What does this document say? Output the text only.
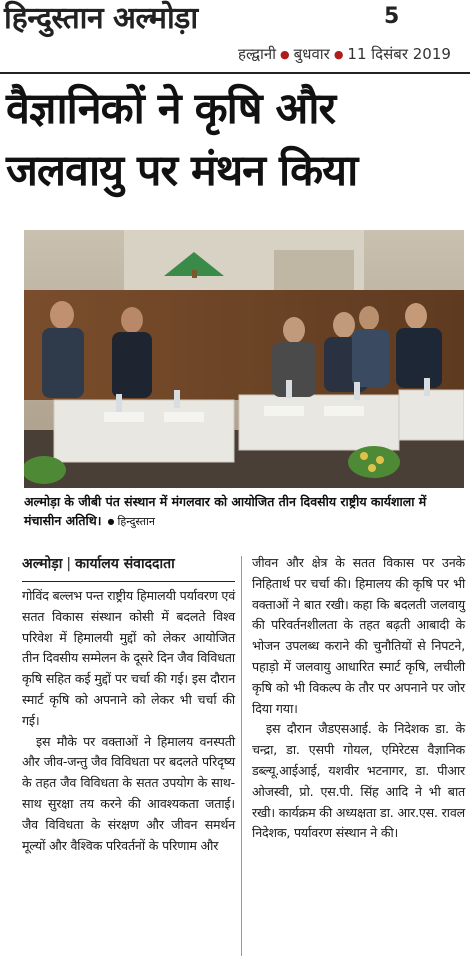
हिन्दुस्तान अल्मोड़ा	5
हल्द्वानी ● बुधवार ● 11 दिसंबर 2019
वैज्ञानिकों ने कृषि और
जलवायु पर मंथन किया
अल्मोड़ा के जीबी पंत संस्थान में मंगलवार को आयोजित तीन दिवसीय राष्ट्रीय कार्यशाला में मंचासीन अतिथि।● हिन्दुस्तान
अल्मोड़ा | कार्यालय संवाददाता

गोविंद बल्लभ पन्त राष्ट्रीय हिमालयी पर्यावरण एवं सतत विकास संस्थान कोसी में बदलते विश्व परिवेश में हिमालयी मुद्दों को लेकर आयोजित तीन दिवसीय सम्मेलन के दूसरे दिन जैव विविधता कृषि सहित कई मुद्दों पर चर्चा की गई। इस दौरान स्मार्ट कृषि को अपनाने को लेकर भी चर्चा की गई।

इस मौके पर वक्ताओं ने हिमालय वनस्पती और जीव-जन्तु जैव विविधता पर बदलते परिदृष्य के तहत जैव विविधता के सतत उपयोग के साथ-साथ सुरक्षा तय करने की आवश्यकता जताई। जैव विविधता के संरक्षण और जीवन समर्थन मूल्यों और वैश्विक परिवर्तनों के परिणाम और

जीवन और क्षेत्र के सतत विकास पर उनके निहितार्थ पर चर्चा की। हिमालय की कृषि पर भी वक्ताओं ने बात रखी। कहा कि बदलती जलवायु की परिवर्तनशीलता के तहत बढ़ती आबादी के भोजन उपलब्ध कराने की चुनौतियों से निपटने, पहाड़ो में जलवायु आधारित स्मार्ट कृषि, लचीली कृषि को भी विकल्प के तौर पर अपनाने पर जोर दिया गया।

इस दौरान जैडएसआई. के निदेशक डा. के चन्द्रा, डा. एसपी गोयल, एमिरेटस वैज्ञानिक डब्ल्यू.आईआई, यशवीर भटनागर, डा. पीआर ओजस्वी, प्रो. एस.पी. सिंह आदि ने भी बात रखी। कार्यक्रम की अध्यक्षता डा. आर.एस. रावल निदेशक, पर्यावरण संस्थान ने की।
